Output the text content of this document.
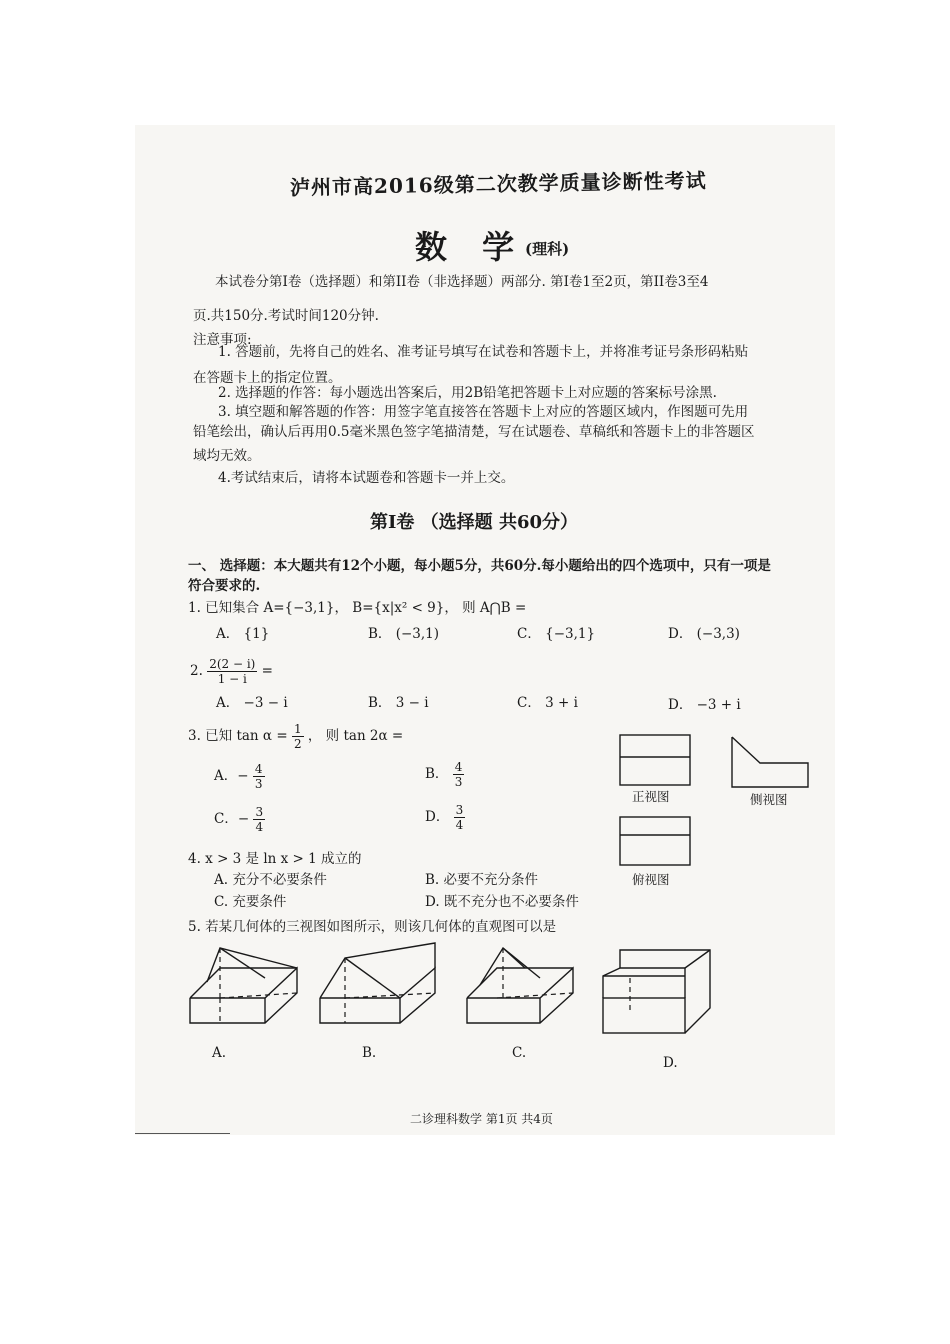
泸州市高2016级第二次教学质量诊断性考试
数 学
(理科)
本试卷分第I卷（选择题）和第II卷（非选择题）两部分. 第I卷1至2页，第II卷3至4
页.共150分.考试时间120分钟.
注意事项:
1. 答题前，先将自己的姓名、准考证号填写在试卷和答题卡上，并将准考证号条形码粘贴
在答题卡上的指定位置。
2. 选择题的作答：每小题选出答案后，用2B铅笔把答题卡上对应题的答案标号涂黑.
3. 填空题和解答题的作答：用签字笔直接答在答题卡上对应的答题区域内，作图题可先用
铅笔绘出，确认后再用0.5毫米黑色签字笔描清楚，写在试题卷、草稿纸和答题卡上的非答题区
域均无效。
4.考试结束后，请将本试题卷和答题卡一并上交。
第I卷 （选择题 共60分）
一、 选择题：本大题共有12个小题，每小题5分，共60分.每小题给出的四个选项中，只有一项是
符合要求的.
1. 已知集合 A={−3,1}， B={x|x² < 9}， 则 A⋂B =
A． {1}	B． (−3,1)	C． {−3,1}	D． (−3,3)
2. $\frac{2(2 - i)}{1 - i}$ =
A． −3 − i	B． 3 − i	C． 3 + i	D． −3 + i
3. 已知 $\tan \alpha = \frac{1}{2}$ ， 则 tan 2α =
A．− $\frac{4}{3}$	B． $\frac{4}{3}$
C．− $\frac{3}{4}$	D． $\frac{3}{4}$
正视图	侧视图
俯视图
4. x > 3 是 ln x > 1 成立的
A. 充分不必要条件	B. 必要不充分条件
C. 充要条件	D. 既不充分也不必要条件
5. 若某几何体的三视图如图所示，则该几何体的直观图可以是
A.	B.	C.
D.
二诊理科数学 第1页 共4页
